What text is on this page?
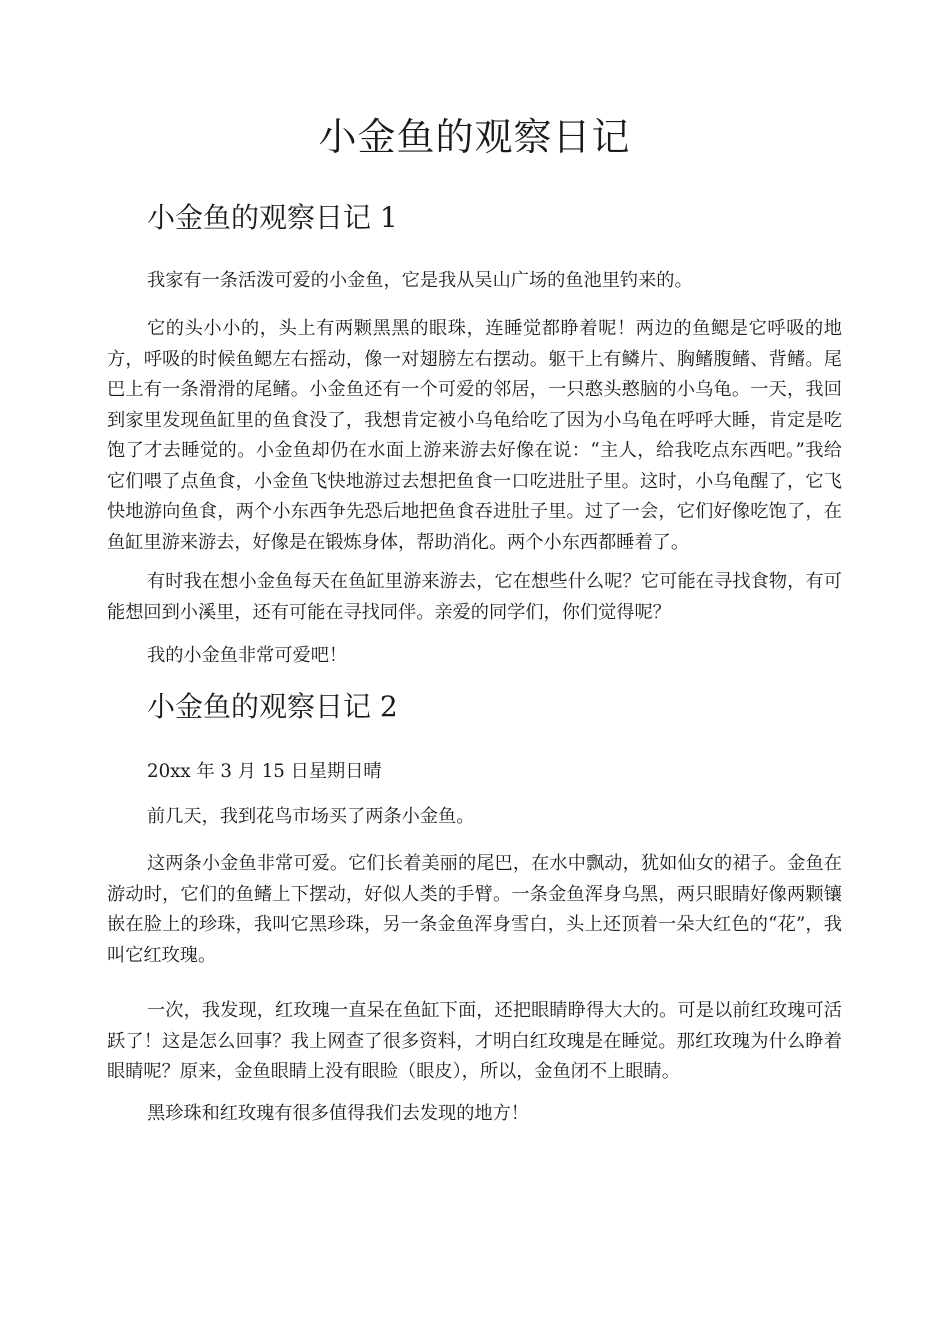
小金鱼的观察日记
小金鱼的观察日记 1

我家有一条活泼可爱的小金鱼，它是我从吴山广场的鱼池里钓来的。

它的头小小的，头上有两颗黑黑的眼珠，连睡觉都睁着呢！两边的鱼鳃是它呼吸的地方，呼吸的时候鱼鳃左右摇动，像一对翅膀左右摆动。躯干上有鳞片、胸鳍腹鳍、背鳍。尾巴上有一条滑滑的尾鳍。小金鱼还有一个可爱的邻居，一只憨头憨脑的小乌龟。一天，我回到家里发现鱼缸里的鱼食没了，我想肯定被小乌龟给吃了因为小乌龟在呼呼大睡，肯定是吃饱了才去睡觉的。小金鱼却仍在水面上游来游去好像在说：“主人，给我吃点东西吧。”我给它们喂了点鱼食，小金鱼飞快地游过去想把鱼食一口吃进肚子里。这时，小乌龟醒了，它飞快地游向鱼食，两个小东西争先恐后地把鱼食吞进肚子里。过了一会，它们好像吃饱了，在鱼缸里游来游去，好像是在锻炼身体，帮助消化。两个小东西都睡着了。

有时我在想小金鱼每天在鱼缸里游来游去，它在想些什么呢？它可能在寻找食物，有可能想回到小溪里，还有可能在寻找同伴。亲爱的同学们，你们觉得呢？

我的小金鱼非常可爱吧！

小金鱼的观察日记 2

20xx 年 3 月 15 日星期日晴

前几天，我到花鸟市场买了两条小金鱼。

这两条小金鱼非常可爱。它们长着美丽的尾巴，在水中飘动，犹如仙女的裙子。金鱼在游动时，它们的鱼鳍上下摆动，好似人类的手臂。一条金鱼浑身乌黑，两只眼睛好像两颗镶嵌在脸上的珍珠，我叫它黑珍珠，另一条金鱼浑身雪白，头上还顶着一朵大红色的“花”，我叫它红玫瑰。

一次，我发现，红玫瑰一直呆在鱼缸下面，还把眼睛睁得大大的。可是以前红玫瑰可活跃了！这是怎么回事？我上网查了很多资料，才明白红玫瑰是在睡觉。那红玫瑰为什么睁着眼睛呢？原来，金鱼眼睛上没有眼睑（眼皮），所以，金鱼闭不上眼睛。

黑珍珠和红玫瑰有很多值得我们去发现的地方！
